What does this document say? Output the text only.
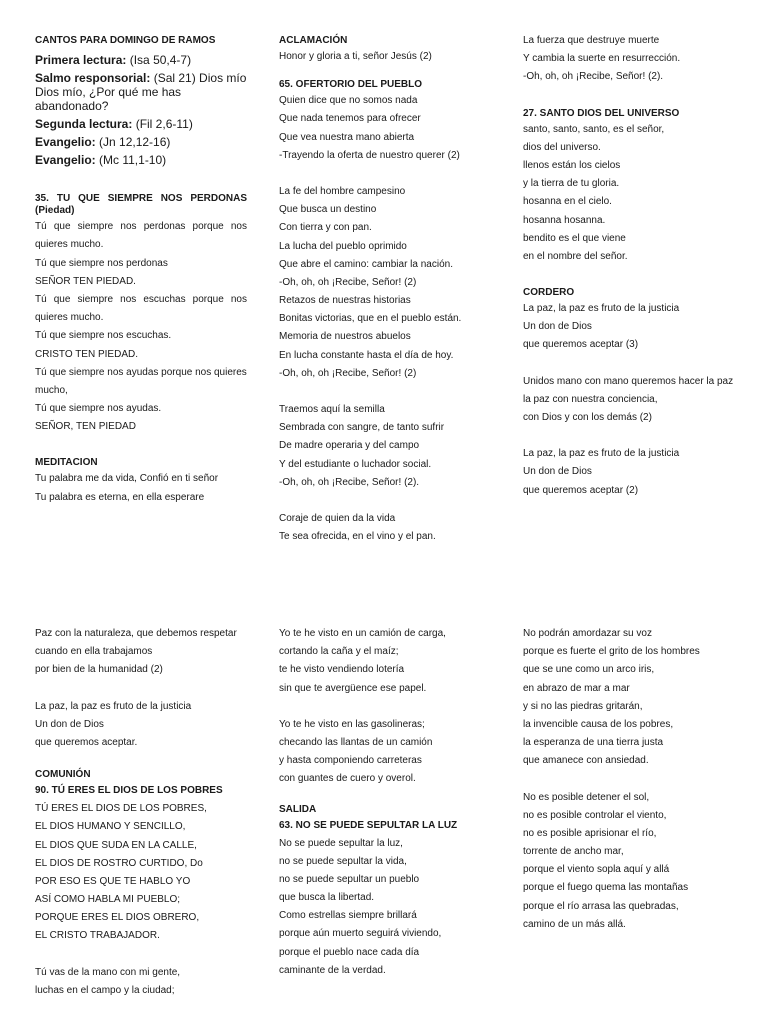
CANTOS PARA DOMINGO DE RAMOS
Primera lectura: (Isa 50,4-7)
Salmo responsorial: (Sal 21) Dios mío Dios mío, ¿Por qué me has abandonado?
Segunda lectura: (Fil 2,6-11)
Evangelio: (Jn 12,12-16)
Evangelio: (Mc 11,1-10)
35. TU QUE SIEMPRE NOS PERDONAS (Piedad)
Tú que siempre nos perdonas porque nos
quieres mucho.
Tú que siempre nos perdonas
SEÑOR TEN PIEDAD.
Tú que siempre nos escuchas porque nos
quieres mucho.
Tú que siempre nos escuchas.
CRISTO TEN PIEDAD.
Tú que siempre nos ayudas porque nos quieres
mucho,
Tú que siempre nos ayudas.
SEÑOR, TEN PIEDAD
MEDITACION
Tu palabra me da vida, Confió en ti señor
Tu palabra es eterna, en ella esperare
ACLAMACIÓN
Honor y gloria a ti, señor Jesús (2)
65. OFERTORIO DEL PUEBLO
Quien dice que no somos nada
Que nada tenemos para ofrecer
Que vea nuestra mano abierta
-Trayendo la oferta de nuestro querer (2)
La fe del hombre campesino
Que busca un destino
Con tierra y con pan.
La lucha del pueblo oprimido
Que abre el camino: cambiar la nación.
-Oh, oh, oh ¡Recibe, Señor! (2)
Retazos de nuestras historias
Bonitas victorias, que en el pueblo están.
Memoria de nuestros abuelos
En lucha constante hasta el día de hoy.
-Oh, oh, oh ¡Recibe, Señor! (2)
Traemos aquí la semilla
Sembrada con sangre, de tanto sufrir
De madre operaria y del campo
Y del estudiante o luchador social.
-Oh, oh, oh ¡Recibe, Señor! (2).
Coraje de quien da la vida
Te sea ofrecida, en el vino y el pan.
La fuerza que destruye muerte
Y cambia la suerte en resurrección.
-Oh, oh, oh ¡Recibe, Señor! (2).
27. SANTO DIOS DEL UNIVERSO
santo, santo, santo, es el señor,
dios del universo.
llenos están los cielos
y la tierra de tu gloria.
hosanna en el cielo.
hosanna hosanna.
bendito es el que viene
en el nombre del señor.
CORDERO
La paz, la paz es fruto de la justicia
Un don de Dios
que queremos aceptar (3)
Unidos mano con mano queremos hacer la paz
la paz con nuestra conciencia,
con Dios y con los demás (2)
La paz, la paz es fruto de la justicia
Un don de Dios
que queremos aceptar (2)
Paz con la naturaleza, que debemos respetar
cuando en ella trabajamos
por bien de la humanidad (2)
La paz, la paz es fruto de la justicia
Un don de Dios
que queremos aceptar.
COMUNIÓN
90. TÚ ERES EL DIOS DE LOS POBRES
TÚ ERES EL DIOS DE LOS POBRES,
EL DIOS HUMANO Y SENCILLO,
EL DIOS QUE SUDA EN LA CALLE,
EL DIOS DE ROSTRO CURTIDO, Do
POR ESO ES QUE TE HABLO YO
ASÍ COMO HABLA MI PUEBLO;
PORQUE ERES EL DIOS OBRERO,
EL CRISTO TRABAJADOR.
Tú vas de la mano con mi gente,
luchas en el campo y la ciudad;
Yo te he visto en un camión de carga,
cortando la caña y el maíz;
te he visto vendiendo lotería
sin que te avergüence ese papel.
Yo te he visto en las gasolineras;
checando las llantas de un camión
y hasta componiendo carreteras
con guantes de cuero y overol.
SALIDA
63. NO SE PUEDE SEPULTAR LA LUZ
No se puede sepultar la luz,
no se puede sepultar la vida,
no se puede sepultar un pueblo
que busca la libertad.
Como estrellas siempre brillará
porque aún muerto seguirá viviendo,
porque el pueblo nace cada día
caminante de la verdad.
No podrán amordazar su voz
porque es fuerte el grito de los hombres
que se une como un arco iris,
en abrazo de mar a mar
y si no las piedras gritarán,
la invencible causa de los pobres,
la esperanza de una tierra justa
que amanece con ansiedad.
No es posible detener el sol,
no es posible controlar el viento,
no es posible aprisionar el río,
torrente de ancho mar,
porque el viento sopla aquí y allá
porque el fuego quema las montañas
porque el río arrasa las quebradas,
camino de un más allá.
